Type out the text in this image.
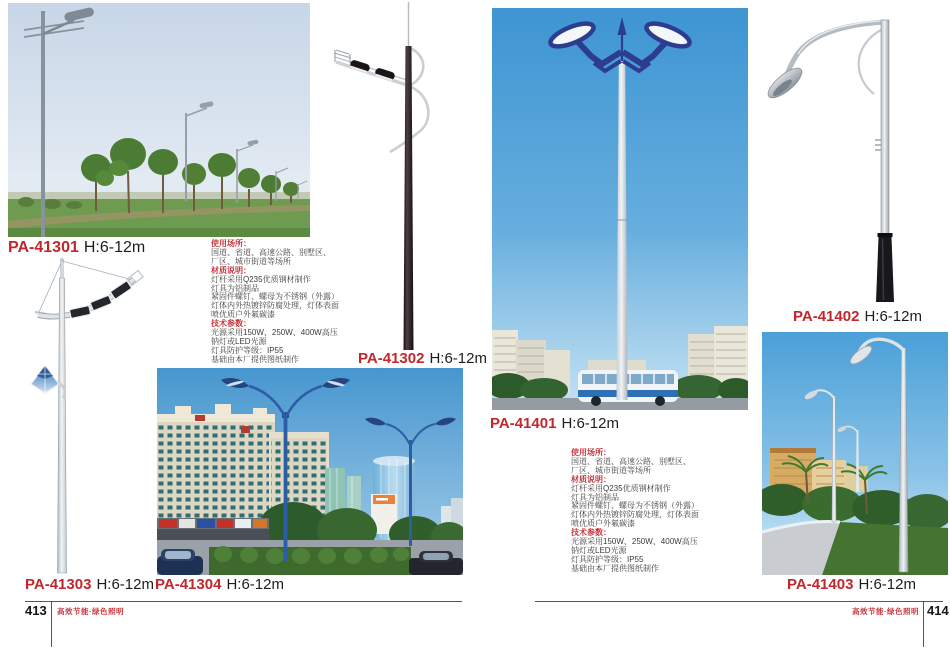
PA-41301 H:6-12m
PA-41302 H:6-12m
PA-41303 H:6-12m PA-41304 H:6-12m
PA-41401 H:6-12m
PA-41402 H:6-12m
PA-41403 H:6-12m
使用场所：
国道、省道、高速公路、别墅区、
厂区、城市街道等场所
材质说明：
灯杆采用Q235优质钢材制作
灯具为铝制品
紧固件螺钉、螺母为不锈钢（外露）
灯体内外热镀锌防腐处理，灯体表面
喷优质户外氟碳漆
技术参数：
光源采用150W、250W、400W高压
钠灯或LED光源
灯具防护等级：IP55
基础由本厂提供图纸制作
使用场所：
国道、省道、高速公路、别墅区、
厂区、城市街道等场所
材质说明：
灯杆采用Q235优质钢材制作
灯具为铝制品
紧固件螺钉、螺母为不锈钢（外露）
灯体内外热镀锌防腐处理，灯体表面
喷优质户外氟碳漆
技术参数：
光源采用150W、250W、400W高压
钠灯或LED光源
灯具防护等级：IP55
基础由本厂提供图纸制作
413 高效节能·绿色照明	高效节能·绿色照明 414
